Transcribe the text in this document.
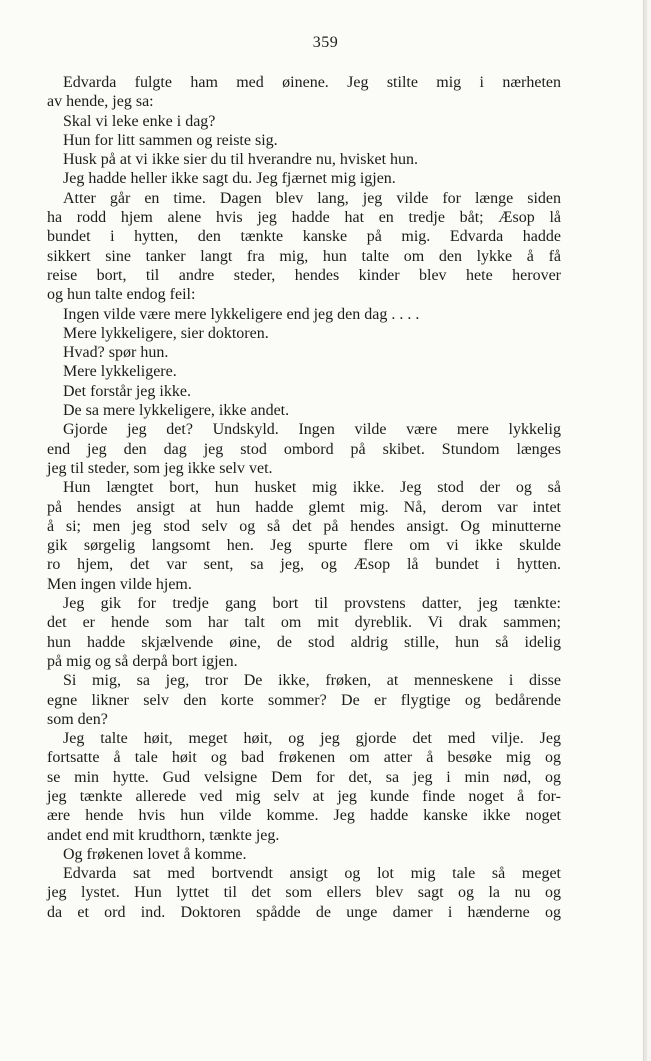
359
Edvarda fulgte ham med øinene. Jeg stilte mig i nærheten
av hende, jeg sa:
Skal vi leke enke i dag?
Hun for litt sammen og reiste sig.
Husk på at vi ikke sier du til hverandre nu, hvisket hun.
Jeg hadde heller ikke sagt du. Jeg fjærnet mig igjen.
Atter går en time. Dagen blev lang, jeg vilde for længe siden
ha rodd hjem alene hvis jeg hadde hat en tredje båt; Æsop lå
bundet i hytten, den tænkte kanske på mig. Edvarda hadde
sikkert sine tanker langt fra mig, hun talte om den lykke å få
reise bort, til andre steder, hendes kinder blev hete herover
og hun talte endog feil:
Ingen vilde være mere lykkeligere end jeg den dag . . . .
Mere lykkeligere, sier doktoren.
Hvad? spør hun.
Mere lykkeligere.
Det forstår jeg ikke.
De sa mere lykkeligere, ikke andet.
Gjorde jeg det? Undskyld. Ingen vilde være mere lykkelig
end jeg den dag jeg stod ombord på skibet. Stundom længes
jeg til steder, som jeg ikke selv vet.
Hun længtet bort, hun husket mig ikke. Jeg stod der og så
på hendes ansigt at hun hadde glemt mig. Nå, derom var intet
å si; men jeg stod selv og så det på hendes ansigt. Og minutterne
gik sørgelig langsomt hen. Jeg spurte flere om vi ikke skulde
ro hjem, det var sent, sa jeg, og Æsop lå bundet i hytten.
Men ingen vilde hjem.
Jeg gik for tredje gang bort til provstens datter, jeg tænkte:
det er hende som har talt om mit dyreblik. Vi drak sammen;
hun hadde skjælvende øine, de stod aldrig stille, hun så idelig
på mig og så derpå bort igjen.
Si mig, sa jeg, tror De ikke, frøken, at menneskene i disse
egne likner selv den korte sommer? De er flygtige og bedårende
som den?
Jeg talte høit, meget høit, og jeg gjorde det med vilje. Jeg
fortsatte å tale høit og bad frøkenen om atter å besøke mig og
se min hytte. Gud velsigne Dem for det, sa jeg i min nød, og
jeg tænkte allerede ved mig selv at jeg kunde finde noget å for-
ære hende hvis hun vilde komme. Jeg hadde kanske ikke noget
andet end mit krudthorn, tænkte jeg.
Og frøkenen lovet å komme.
Edvarda sat med bortvendt ansigt og lot mig tale så meget
jeg lystet. Hun lyttet til det som ellers blev sagt og la nu og
da et ord ind. Doktoren spådde de unge damer i hænderne og
